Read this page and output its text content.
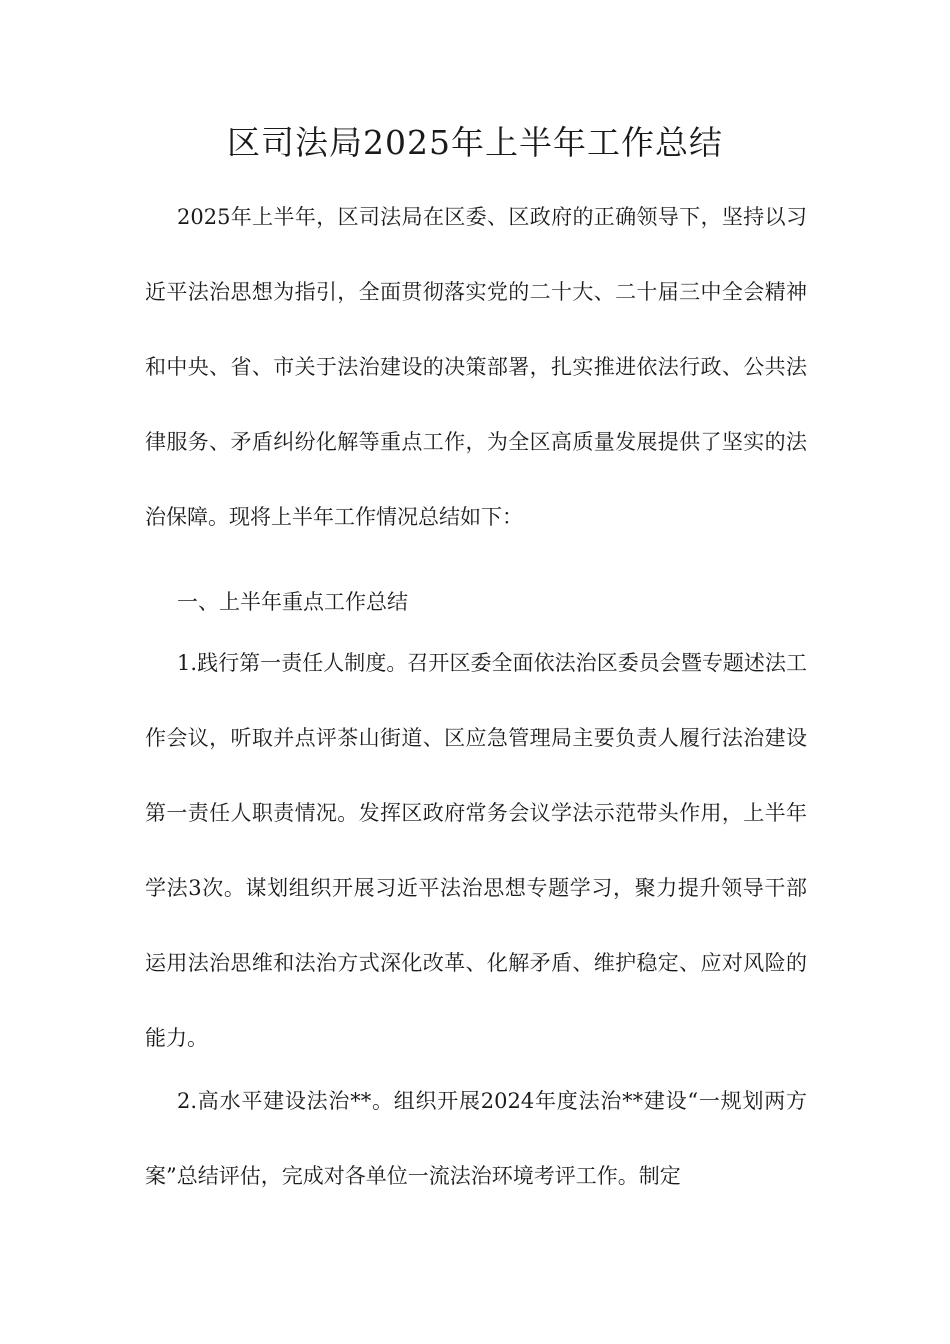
区司法局2025年上半年工作总结

2025年上半年，区司法局在区委、区政府的正确领导下，坚持以习近平法治思想为指引，全面贯彻落实党的二十大、二十届三中全会精神和中央、省、市关于法治建设的决策部署，扎实推进依法行政、公共法律服务、矛盾纠纷化解等重点工作，为全区高质量发展提供了坚实的法治保障。现将上半年工作情况总结如下：

一、上半年重点工作总结

1.践行第一责任人制度。召开区委全面依法治区委员会暨专题述法工作会议，听取并点评茶山街道、区应急管理局主要负责人履行法治建设第一责任人职责情况。发挥区政府常务会议学法示范带头作用，上半年学法3次。谋划组织开展习近平法治思想专题学习，聚力提升领导干部运用法治思维和法治方式深化改革、化解矛盾、维护稳定、应对风险的能力。

2.高水平建设法治**。组织开展2024年度法治**建设“一规划两方案”总结评估，完成对各单位一流法治环境考评工作。制定
